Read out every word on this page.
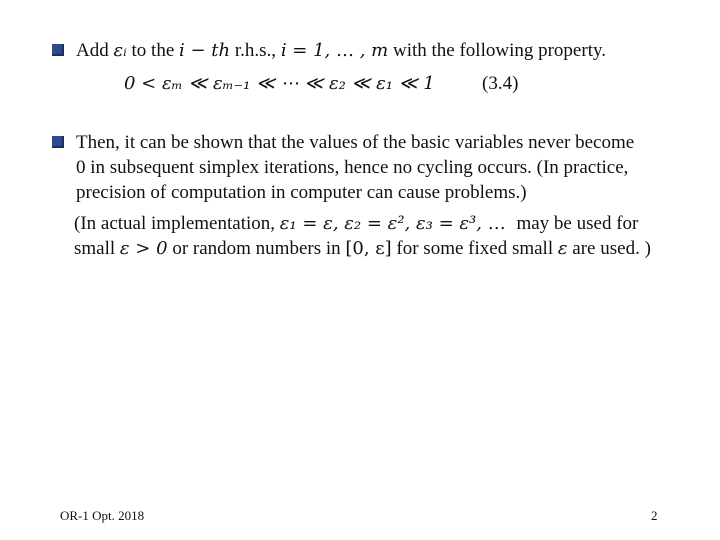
Add εᵢ to the i − th r.h.s., i = 1, … , m with the following property.
0 < εₘ ≪ εₘ₋₁ ≪ ⋯ ≪ ε₂ ≪ ε₁ ≪ 1 (3.4)
Then, it can be shown that the values of the basic variables never become
0 in subsequent simplex iterations, hence no cycling occurs. (In practice,
precision of computation in computer can cause problems.)
(In actual implementation, ε₁ = ε, ε₂ = ε², ε₃ = ε³, … may be used for
small ε > 0 or random numbers in [0, ε] for some fixed small ε are used. )
OR-1 Opt. 2018	2
